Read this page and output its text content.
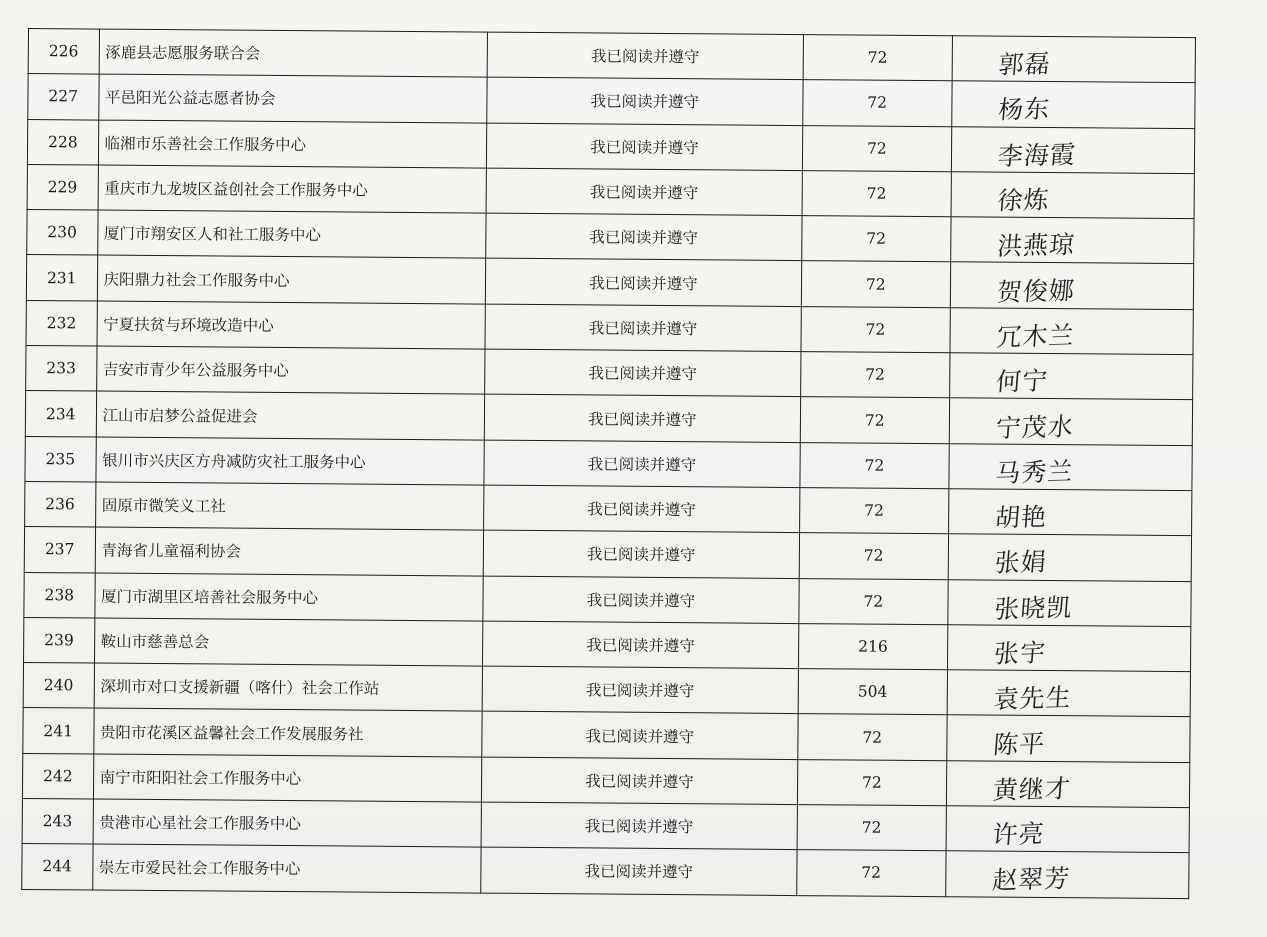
226	涿鹿县志愿服务联合会	我已阅读并遵守	72	郭磊
227	平邑阳光公益志愿者协会	我已阅读并遵守	72	杨东
228	临湘市乐善社会工作服务中心	我已阅读并遵守	72	李海霞
229	重庆市九龙坡区益创社会工作服务中心	我已阅读并遵守	72	徐炼
230	厦门市翔安区人和社工服务中心	我已阅读并遵守	72	洪燕琼
231	庆阳鼎力社会工作服务中心	我已阅读并遵守	72	贺俊娜
232	宁夏扶贫与环境改造中心	我已阅读并遵守	72	冗木兰
233	吉安市青少年公益服务中心	我已阅读并遵守	72	何宁
234	江山市启梦公益促进会	我已阅读并遵守	72	宁茂水
235	银川市兴庆区方舟减防灾社工服务中心	我已阅读并遵守	72	马秀兰
236	固原市微笑义工社	我已阅读并遵守	72	胡艳
237	青海省儿童福利协会	我已阅读并遵守	72	张娟
238	厦门市湖里区培善社会服务中心	我已阅读并遵守	72	张晓凯
239	鞍山市慈善总会	我已阅读并遵守	216	张宇
240	深圳市对口支援新疆（喀什）社会工作站	我已阅读并遵守	504	袁先生
241	贵阳市花溪区益馨社会工作发展服务社	我已阅读并遵守	72	陈平
242	南宁市阳阳社会工作服务中心	我已阅读并遵守	72	黄继才
243	贵港市心星社会工作服务中心	我已阅读并遵守	72	许亮
244	崇左市爱民社会工作服务中心	我已阅读并遵守	72	赵翠芳
